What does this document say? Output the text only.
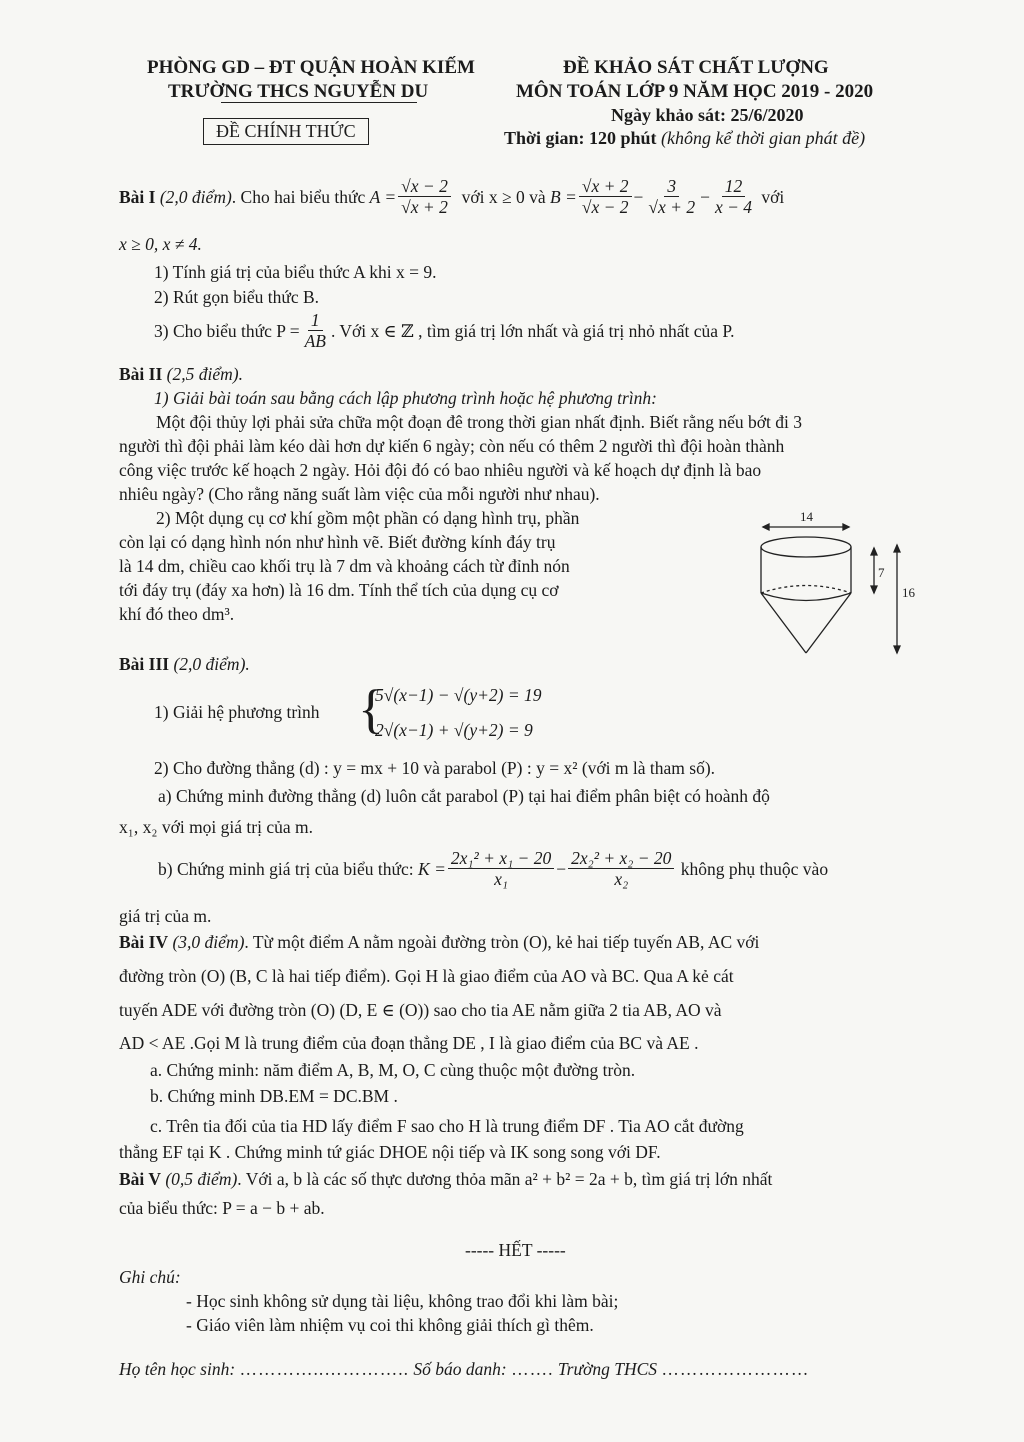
PHÒNG GD – ĐT QUẬN HOÀN KIẾM
TRƯỜNG THCS NGUYỄN DU
ĐỀ CHÍNH THỨC
ĐỀ KHẢO SÁT CHẤT LƯỢNG
MÔN TOÁN LỚP 9 NĂM HỌC 2019 - 2020
Ngày khảo sát: 25/6/2020
Thời gian: 120 phút (không kể thời gian phát đề)
Bài I
(2,0 điểm) . Cho hai biểu thức
$A = \frac{√x - 2}{√x + 2}$
với x ≥ 0 và
$B = \frac{√x + 2}{√x - 2} - \frac{3}{√x + 2} - \frac{12}{x - 4}$
với
x ≥ 0, x ≠ 4.
1) Tính giá trị của biểu thức A khi x = 9.
2) Rút gọn biểu thức B.
3) Cho biểu thức $P = \frac{1}{AB}$ . Với x ∈ ℤ , tìm giá trị lớn nhất và giá trị nhỏ nhất của P.
Bài II (2,5 điểm).
1) Giải bài toán sau bằng cách lập phương trình hoặc hệ phương trình:
Một đội thủy lợi phải sửa chữa một đoạn đê trong thời gian nhất định. Biết rằng nếu bớt đi 3
người thì đội phải làm kéo dài hơn dự kiến 6 ngày; còn nếu có thêm 2 người thì đội hoàn thành
công việc trước kế hoạch 2 ngày. Hỏi đội đó có bao nhiêu người và kế hoạch dự định là bao
nhiêu ngày? (Cho rằng năng suất làm việc của mỗi người như nhau).
2) Một dụng cụ cơ khí gồm một phần có dạng hình trụ, phần
còn lại có dạng hình nón như hình vẽ. Biết đường kính đáy trụ
là 14 dm, chiều cao khối trụ là 7 dm và khoảng cách từ đỉnh nón
tới đáy trụ (đáy xa hơn) là 16 dm. Tính thể tích của dụng cụ cơ
khí đó theo dm³.
14
7
16
Bài III (2,0 điểm).
1) Giải hệ phương trình {
5√(x−1) − √(y+2) = 19
2√(x−1) + √(y+2) = 9
2) Cho đường thẳng (d) : y = mx + 10 và parabol (P) : y = x² (với m là tham số).
a) Chứng minh đường thẳng (d) luôn cắt parabol (P) tại hai điểm phân biệt có hoành độ
x₁, x₂ với mọi giá trị của m.
b) Chứng minh giá trị của biểu thức:
$K = \frac{\text{2x₁² + x₁ − 20}}{\text{x₁}} - \frac{\text{2x₂² + x₂ − 20}}{\text{x₂}}$
không phụ thuộc vào
giá trị của m.
Bài IV (3,0 điểm). Từ một điểm A nằm ngoài đường tròn (O), kẻ hai tiếp tuyến AB, AC với
đường tròn (O) (B, C là hai tiếp điểm). Gọi H là giao điểm của AO và BC. Qua A kẻ cát
tuyến ADE với đường tròn (O) (D, E ∈ (O)) sao cho tia AE nằm giữa 2 tia AB, AO và
AD < AE .Gọi M là trung điểm của đoạn thẳng DE , I là giao điểm của BC và AE .
a. Chứng minh: năm điểm A, B, M, O, C cùng thuộc một đường tròn.
b. Chứng minh DB.EM = DC.BM .
c. Trên tia đối của tia HD lấy điểm F sao cho H là trung điểm DF . Tia AO cắt đường
thẳng EF tại K . Chứng minh tứ giác DHOE nội tiếp và IK song song với DF.
Bài V (0,5 điểm). Với a, b là các số thực dương thỏa mãn a² + b² = 2a + b, tìm giá trị lớn nhất
của biểu thức: P = a − b + ab.
----- HẾT -----
Ghi chú:
- Học sinh không sử dụng tài liệu, không trao đổi khi làm bài;
- Giáo viên làm nhiệm vụ coi thi không giải thích gì thêm.
Họ tên học sinh: …………..………….. Số báo danh: ……. Trường THCS ……………………
